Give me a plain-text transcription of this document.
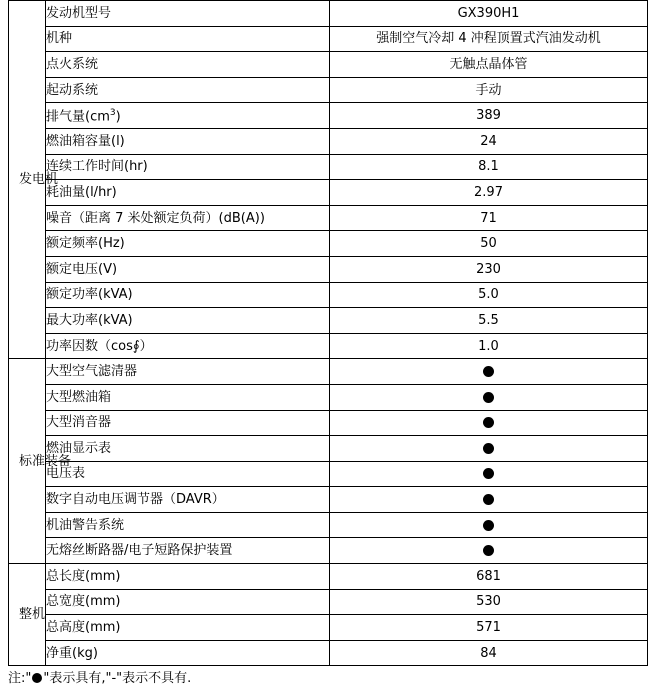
发电机	发动机型号	GX390H1
	机种	强制空气冷却 4 冲程顶置式汽油发动机
	点火系统	无触点晶体管
	起动系统	手动
	排气量$(cm^3)$	389
	燃油箱容量(l)	24
	连续工作时间(hr)	8.1
	耗油量(l/hr)	2.97
	噪音（距离 7 米处额定负荷）(dB(A))	71
	额定频率(Hz)	50
	额定电压(V)	230
	额定功率(kVA)	5.0
	最大功率(kVA)	5.5
	功率因数（cos∮）	1.0
标准装备	大型空气滤清器	
	大型燃油箱	
	大型消音器	
	燃油显示表	
	电压表	
	数字自动电压调节器（DAVR）	
	机油警告系统	
	无熔丝断路器/电子短路保护装置	
整机	总长度(mm)	681
	总宽度(mm)	530
	总高度(mm)	571
	净重(kg)	84
注:" "表示具有,"-"表示不具有.
